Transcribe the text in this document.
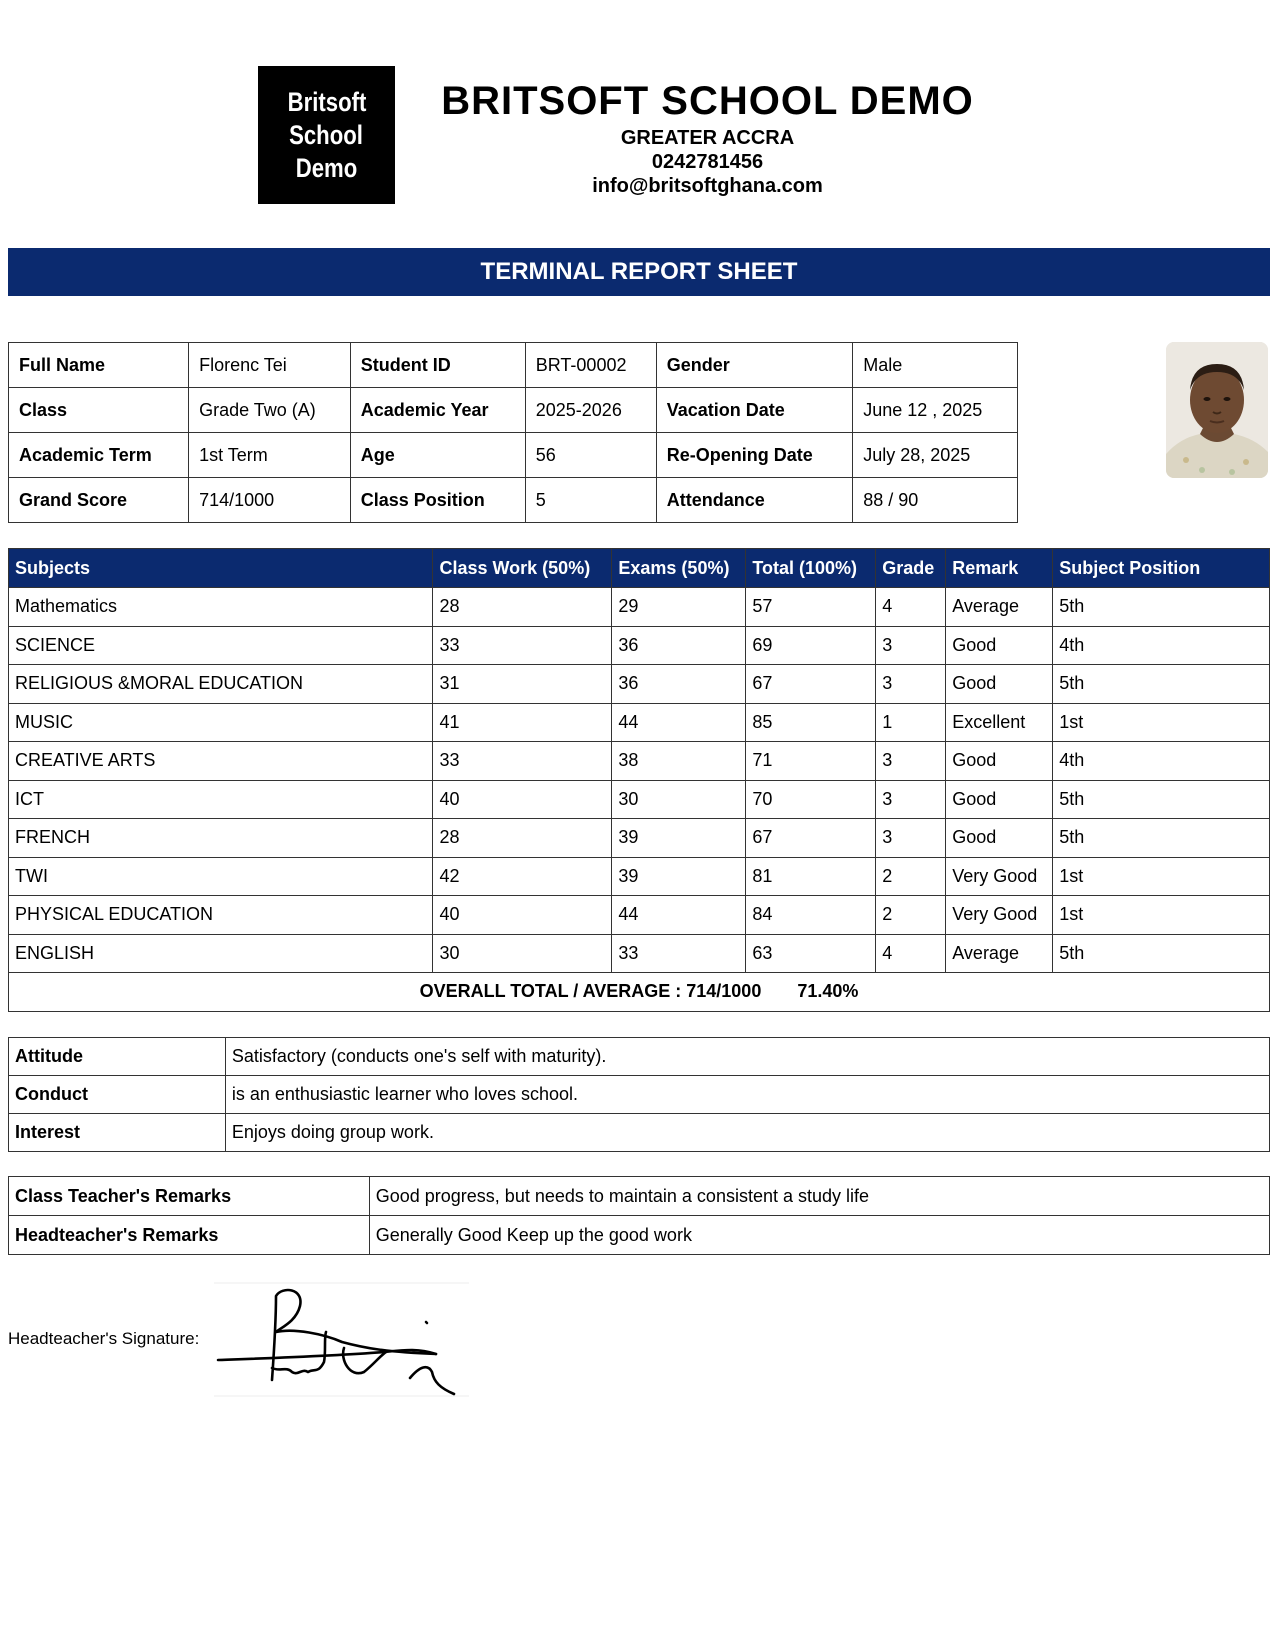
Britsoft
School
Demo
BRITSOFT SCHOOL DEMO
GREATER ACCRA
0242781456
info@britsoftghana.com
TERMINAL REPORT SHEET
Full Name	Florenc Tei	Student ID	BRT-00002	Gender	Male
Class	Grade Two (A)	Academic Year	2025-2026	Vacation Date	June 12 , 2025
Academic Term	1st Term	Age	56	Re-Opening Date	July 28, 2025
Grand Score	714/1000	Class Position	5	Attendance	88 / 90
Subjects	Class Work (50%)	Exams (50%)	Total (100%)	Grade	Remark	Subject Position
Mathematics	28	29	57	4	Average	5th
SCIENCE	33	36	69	3	Good	4th
RELIGIOUS &MORAL EDUCATION	31	36	67	3	Good	5th
MUSIC	41	44	85	1	Excellent	1st
CREATIVE ARTS	33	38	71	3	Good	4th
ICT	40	30	70	3	Good	5th
FRENCH	28	39	67	3	Good	5th
TWI	42	39	81	2	Very Good	1st
PHYSICAL EDUCATION	40	44	84	2	Very Good	1st
ENGLISH	30	33	63	4	Average	5th
OVERALL TOTAL / AVERAGE : 714/1000 71.40%						
Attitude	Satisfactory (conducts one's self with maturity).
Conduct	is an enthusiastic learner who loves school.
Interest	Enjoys doing group work.
Class Teacher's Remarks	Good progress, but needs to maintain a consistent a study life
Headteacher's Remarks	Generally Good Keep up the good work
Headteacher's Signature:
